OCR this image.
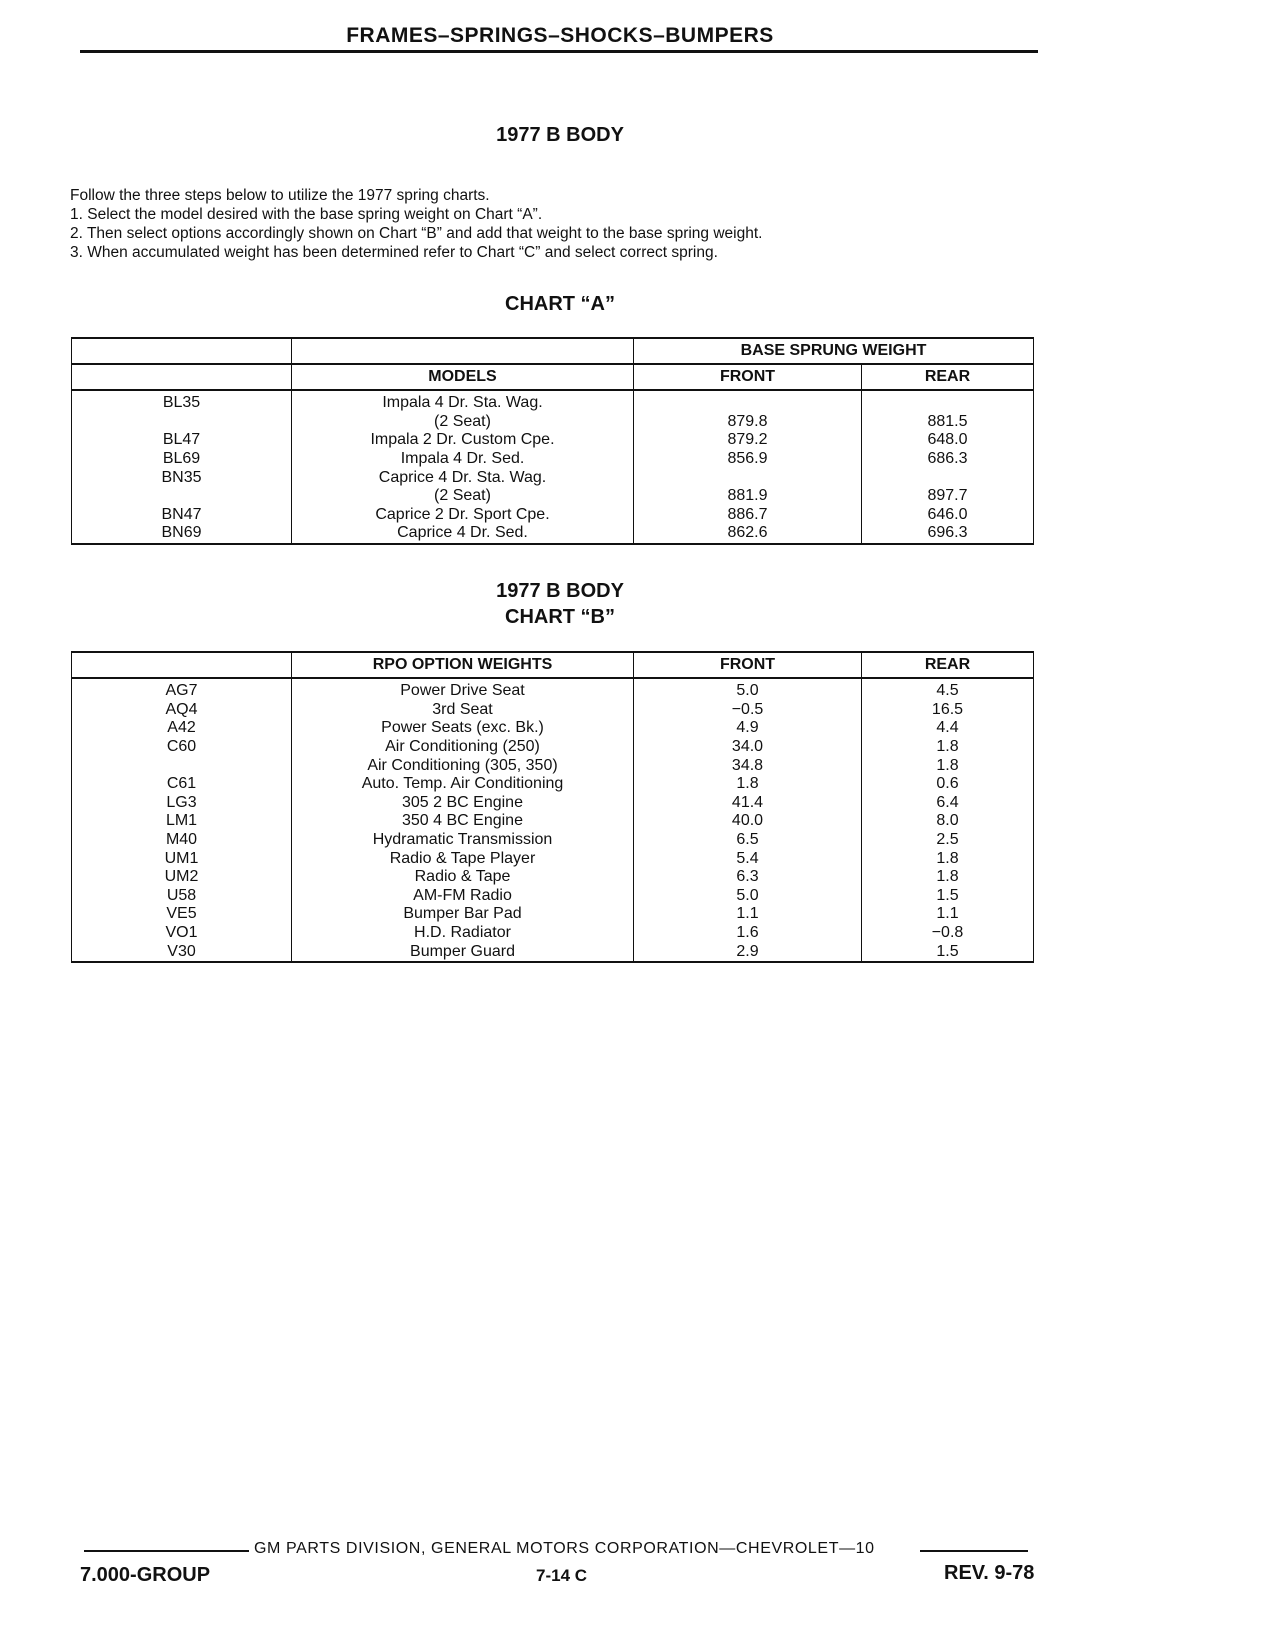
FRAMES–SPRINGS–SHOCKS–BUMPERS
1977 B BODY
Follow the three steps below to utilize the 1977 spring charts.
1. Select the model desired with the base spring weight on Chart “A”.
2. Then select options accordingly shown on Chart “B” and add that weight to the base spring weight.
3. When accumulated weight has been determined refer to Chart “C” and select correct spring.
CHART “A”
		BASE SPRUNG WEIGHT	
	MODELS	FRONT	REAR
BL35	Impala 4 Dr. Sta. Wag.		
	(2 Seat)	879.8	881.5
BL47	Impala 2 Dr. Custom Cpe.	879.2	648.0
BL69	Impala 4 Dr. Sed.	856.9	686.3
BN35	Caprice 4 Dr. Sta. Wag.		
	(2 Seat)	881.9	897.7
BN47	Caprice 2 Dr. Sport Cpe.	886.7	646.0
BN69	Caprice 4 Dr. Sed.	862.6	696.3
1977 B BODY
CHART “B”
	RPO OPTION WEIGHTS	FRONT	REAR
AG7	Power Drive Seat	5.0	4.5
AQ4	3rd Seat	−0.5	16.5
A42	Power Seats (exc. Bk.)	4.9	4.4
C60	Air Conditioning (250)	34.0	1.8
	Air Conditioning (305, 350)	34.8	1.8
C61	Auto. Temp. Air Conditioning	1.8	0.6
LG3	305 2 BC Engine	41.4	6.4
LM1	350 4 BC Engine	40.0	8.0
M40	Hydramatic Transmission	6.5	2.5
UM1	Radio & Tape Player	5.4	1.8
UM2	Radio & Tape	6.3	1.8
U58	AM-FM Radio	5.0	1.5
VE5	Bumper Bar Pad	1.1	1.1
VO1	H.D. Radiator	1.6	−0.8
V30	Bumper Guard	2.9	1.5
GM PARTS DIVISION, GENERAL MOTORS CORPORATION—CHEVROLET—10
7.000-GROUP	7-14 C	REV. 9-78
